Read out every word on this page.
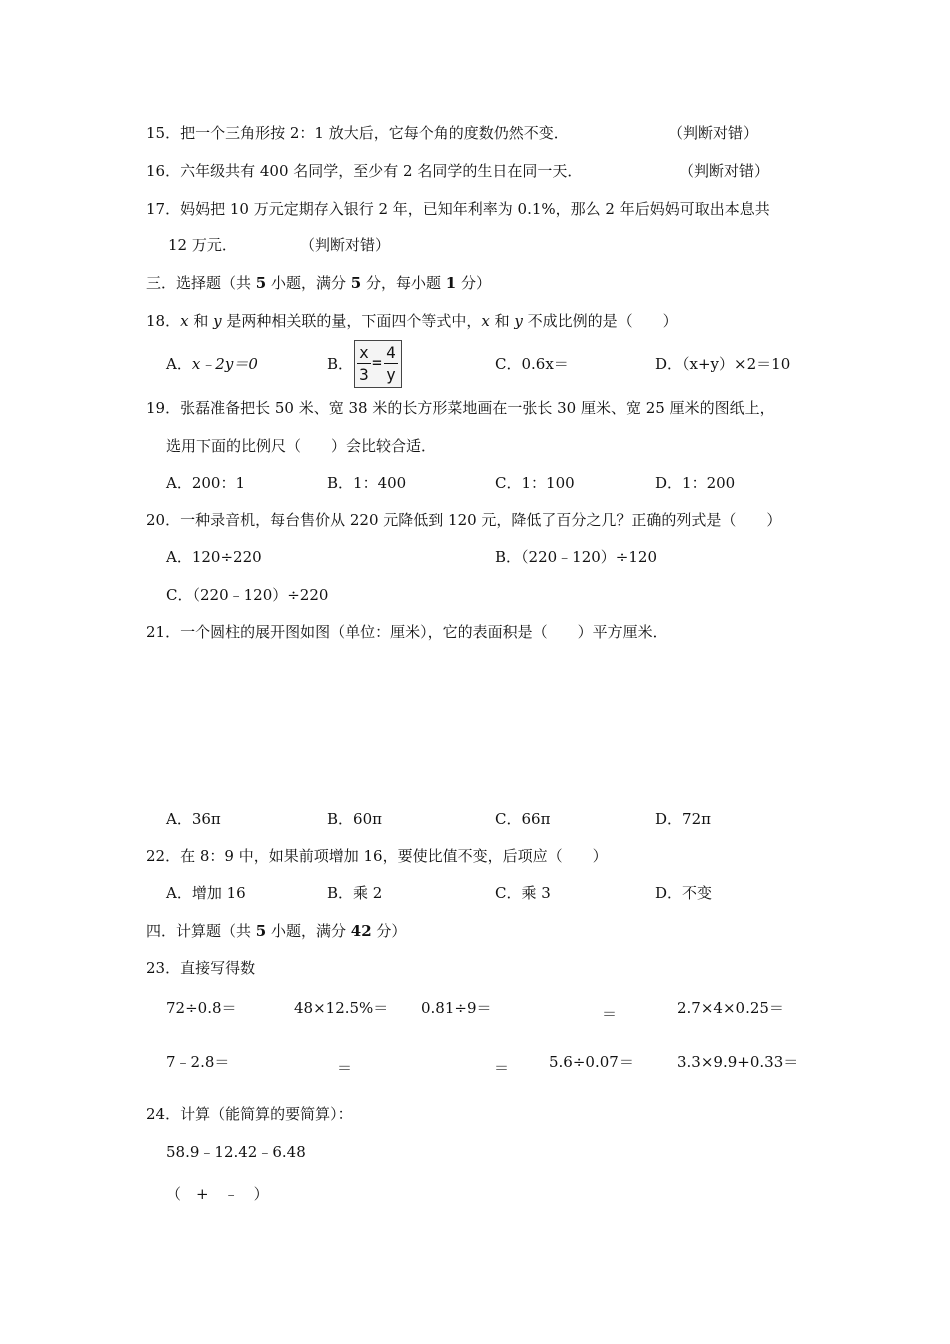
15．把一个三角形按 2：1 放大后，它每个角的度数仍然不变．	（判断对错）
16．六年级共有 400 名同学，至少有 2 名同学的生日在同一天．	（判断对错）
17．妈妈把 10 万元定期存入银行 2 年，已知年利率为 0.1%，那么 2 年后妈妈可取出本息共
12 万元．	（判断对错）
三．选择题（共 5 小题，满分 5 分，每小题 1 分）
18．x 和 y 是两种相关联的量，下面四个等式中，x 和 y 不成比例的是（　　）
A．x﹣2y＝0	B．
x
3
=
4
y
C．0.6x＝	D．（x+y）×2＝10
19．张磊准备把长 50 米、宽 38 米的长方形菜地画在一张长 30 厘米、宽 25 厘米的图纸上，
选用下面的比例尺（　　）会比较合适．
A．200：1	B．1：400	C．1：100	D．1：200
20．一种录音机，每台售价从 220 元降低到 120 元，降低了百分之几？正确的列式是（　　）
A．120÷220	B．（220﹣120）÷120
C．（220﹣120）÷220
21．一个圆柱的展开图如图（单位：厘米），它的表面积是（　　）平方厘米．
A．36π	B．60π	C．66π	D．72π
22．在 8：9 中，如果前项增加 16，要使比值不变，后项应（　　）
A．增加 16	B．乘 2	C．乘 3	D．不变
四．计算题（共 5 小题，满分 42 分）
23．直接写得数
72÷0.8＝	48×12.5%＝ 0.81÷9＝	＝	2.7×4×0.25＝
7﹣2.8＝	＝	＝	5.6÷0.07＝	3.3×9.9+0.33＝
24．计算（能简算的要简算）：
58.9﹣12.42﹣6.48
（　+　﹣　）
